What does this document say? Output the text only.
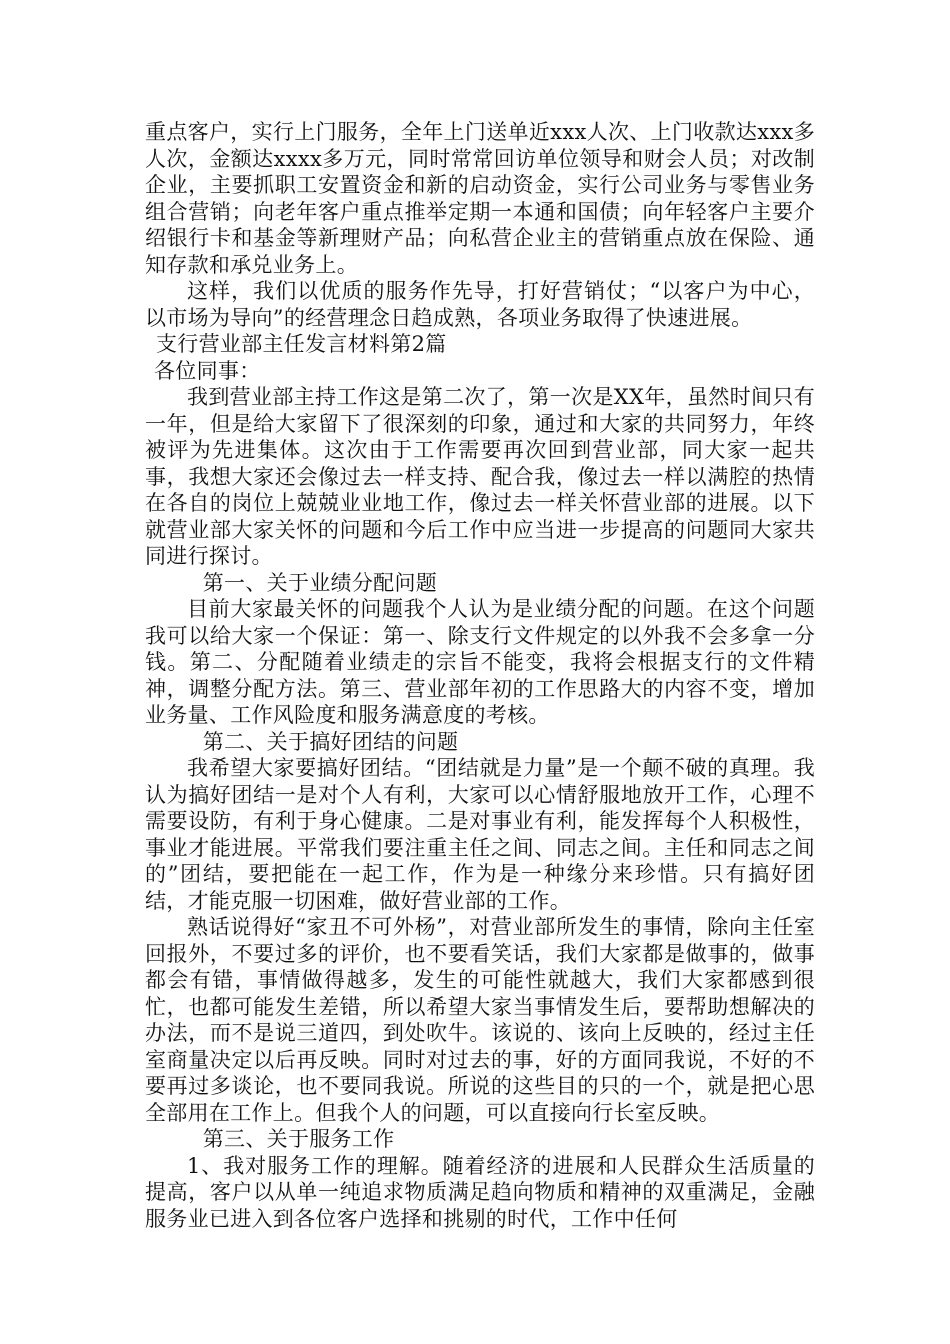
重点客户，实行上门服务，全年上门送单近xxx人次、上门收款达xxx多人次，金额达xxxx多万元，同时常常回访单位领导和财会人员；对改制企业，主要抓职工安置资金和新的启动资金，实行公司业务与零售业务组合营销；向老年客户重点推举定期一本通和国债；向年轻客户主要介绍银行卡和基金等新理财产品；向私营企业主的营销重点放在保险、通知存款和承兑业务上。

这样，我们以优质的服务作先导，打好营销仗；“以客户为中心，以市场为导向”的经营理念日趋成熟，各项业务取得了快速进展。

支行营业部主任发言材料第2篇

各位同事：

我到营业部主持工作这是第二次了，第一次是XX年，虽然时间只有一年，但是给大家留下了很深刻的印象，通过和大家的共同努力，年终被评为先进集体。这次由于工作需要再次回到营业部，同大家一起共事，我想大家还会像过去一样支持、配合我，像过去一样以满腔的热情在各自的岗位上兢兢业业地工作，像过去一样关怀营业部的进展。以下就营业部大家关怀的问题和今后工作中应当进一步提高的问题同大家共同进行探讨。

第一、关于业绩分配问题

目前大家最关怀的问题我个人认为是业绩分配的问题。在这个问题我可以给大家一个保证：第一、除支行文件规定的以外我不会多拿一分钱。第二、分配随着业绩走的宗旨不能变，我将会根据支行的文件精神，调整分配方法。第三、营业部年初的工作思路大的内容不变，增加业务量、工作风险度和服务满意度的考核。

第二、关于搞好团结的问题

我希望大家要搞好团结。“团结就是力量”是一个颠不破的真理。我认为搞好团结一是对个人有利，大家可以心情舒服地放开工作，心理不需要设防，有利于身心健康。二是对事业有利，能发挥每个人积极性，事业才能进展。平常我们要注重主任之间、同志之间。主任和同志之间的”团结，要把能在一起工作，作为是一种缘分来珍惜。只有搞好团结，才能克服一切困难，做好营业部的工作。

熟话说得好“家丑不可外杨”，对营业部所发生的事情，除向主任室回报外，不要过多的评价，也不要看笑话，我们大家都是做事的，做事都会有错，事情做得越多，发生的可能性就越大，我们大家都感到很忙，也都可能发生差错，所以希望大家当事情发生后，要帮助想解决的办法，而不是说三道四，到处吹牛。该说的、该向上反映的，经过主任室商量决定以后再反映。同时对过去的事，好的方面同我说，不好的不要再过多谈论，也不要同我说。所说的这些目的只的一个，就是把心思全部用在工作上。但我个人的问题，可以直接向行长室反映。

第三、关于服务工作

1、我对服务工作的理解。随着经济的进展和人民群众生活质量的提高，客户以从单一纯追求物质满足趋向物质和精神的双重满足，金融服务业已进入到各位客户选择和挑剔的时代，工作中任何
